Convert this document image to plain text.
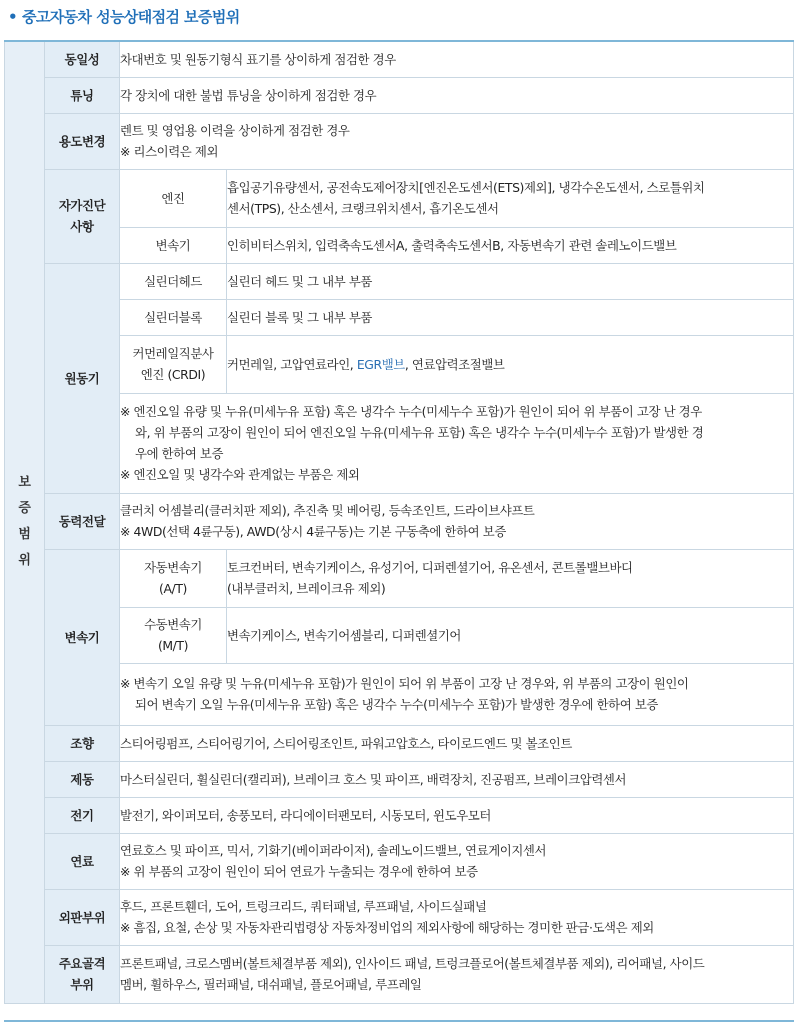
• 중고자동차 성능상태점검 보증범위
보
증
범
위	동일성	차대번호 및 원동기형식 표기를 상이하게 점검한 경우	
	튜닝	각 장치에 대한 불법 튜닝을 상이하게 점검한 경우	
	용도변경	렌트 및 영업용 이력을 상이하게 점검한 경우
※ 리스이력은 제외	

	자가진단
사항	엔진	흡입공기유량센서, 공전속도제어장치[엔진온도센서(ETS)제외], 냉각수온도센서, 스로틀위치
센서(TPS), 산소센서, 크랭크위치센서, 흡기온도센서

		변속기	인히비터스위치, 입력축속도센서A, 출력축속도센서B, 자동변속기 관련 솔레노이드밸브
	원동기	실린더헤드	실린더 헤드 및 그 내부 부품
		실린더블록	실린더 블록 및 그 내부 부품

		커먼레일직분사
엔진 (CRDI)	커먼레일, 고압연료라인, EGR밸브, 연료압력조절밸브

		※ 엔진오일 유량 및 누유(미세누유 포함) 혹은 냉각수 누수(미세누수 포함)가 원인이 되어 위 부품이 고장 난 경우
와, 위 부품의 고장이 원인이 되어 엔진오일 누유(미세누유 포함) 혹은 냉각수 누수(미세누수 포함)가 발생한 경
우에 한하여 보증
※ 엔진오일 및 냉각수와 관계없는 부품은 제외	

	동력전달	클러치 어셈블리(클러치판 제외), 추진축 및 베어링, 등속조인트, 드라이브샤프트
※ 4WD(선택 4륜구동), AWD(상시 4륜구동)는 기본 구동축에 한하여 보증	

	변속기	자동변속기
(A/T)	토크컨버터, 변속기케이스, 유성기어, 디퍼렌셜기어, 유온센서, 콘트롤밸브바디
(내부클러치, 브레이크유 제외)

		수동변속기
(M/T)	변속기케이스, 변속기어셈블리, 디퍼렌셜기어

		※ 변속기 오일 유량 및 누유(미세누유 포함)가 원인이 되어 위 부품이 고장 난 경우와, 위 부품의 고장이 원인이
되어 변속기 오일 누유(미세누유 포함) 혹은 냉각수 누수(미세누수 포함)가 발생한 경우에 한하여 보증	

	조향	스티어링펌프, 스티어링기어, 스티어링조인트, 파워고압호스, 타이로드엔드 및 볼조인트	
	제동	마스터실린더, 휠실린더(캘리퍼), 브레이크 호스 및 파이프, 배력장치, 진공펌프, 브레이크압력센서	
	전기	발전기, 와이퍼모터, 송풍모터, 라디에이터팬모터, 시동모터, 윈도우모터	
	연료	연료호스 및 파이프, 믹서, 기화기(베이퍼라이저), 솔레노이드밸브, 연료게이지센서
※ 위 부품의 고장이 원인이 되어 연료가 누출되는 경우에 한하여 보증	

	외판부위	후드, 프론트휀더, 도어, 트렁크리드, 쿼터패널, 루프패널, 사이드실패널
※ 흠집, 요철, 손상 및 자동차관리법령상 자동차정비업의 제외사항에 해당하는 경미한 판금·도색은 제외	

	주요골격
부위	프론트패널, 크로스멤버(볼트체결부품 제외), 인사이드 패널, 트렁크플로어(볼트체결부품 제외), 리어패널, 사이드
멤버, 휠하우스, 필러패널, 대쉬패널, 플로어패널, 루프레일	
